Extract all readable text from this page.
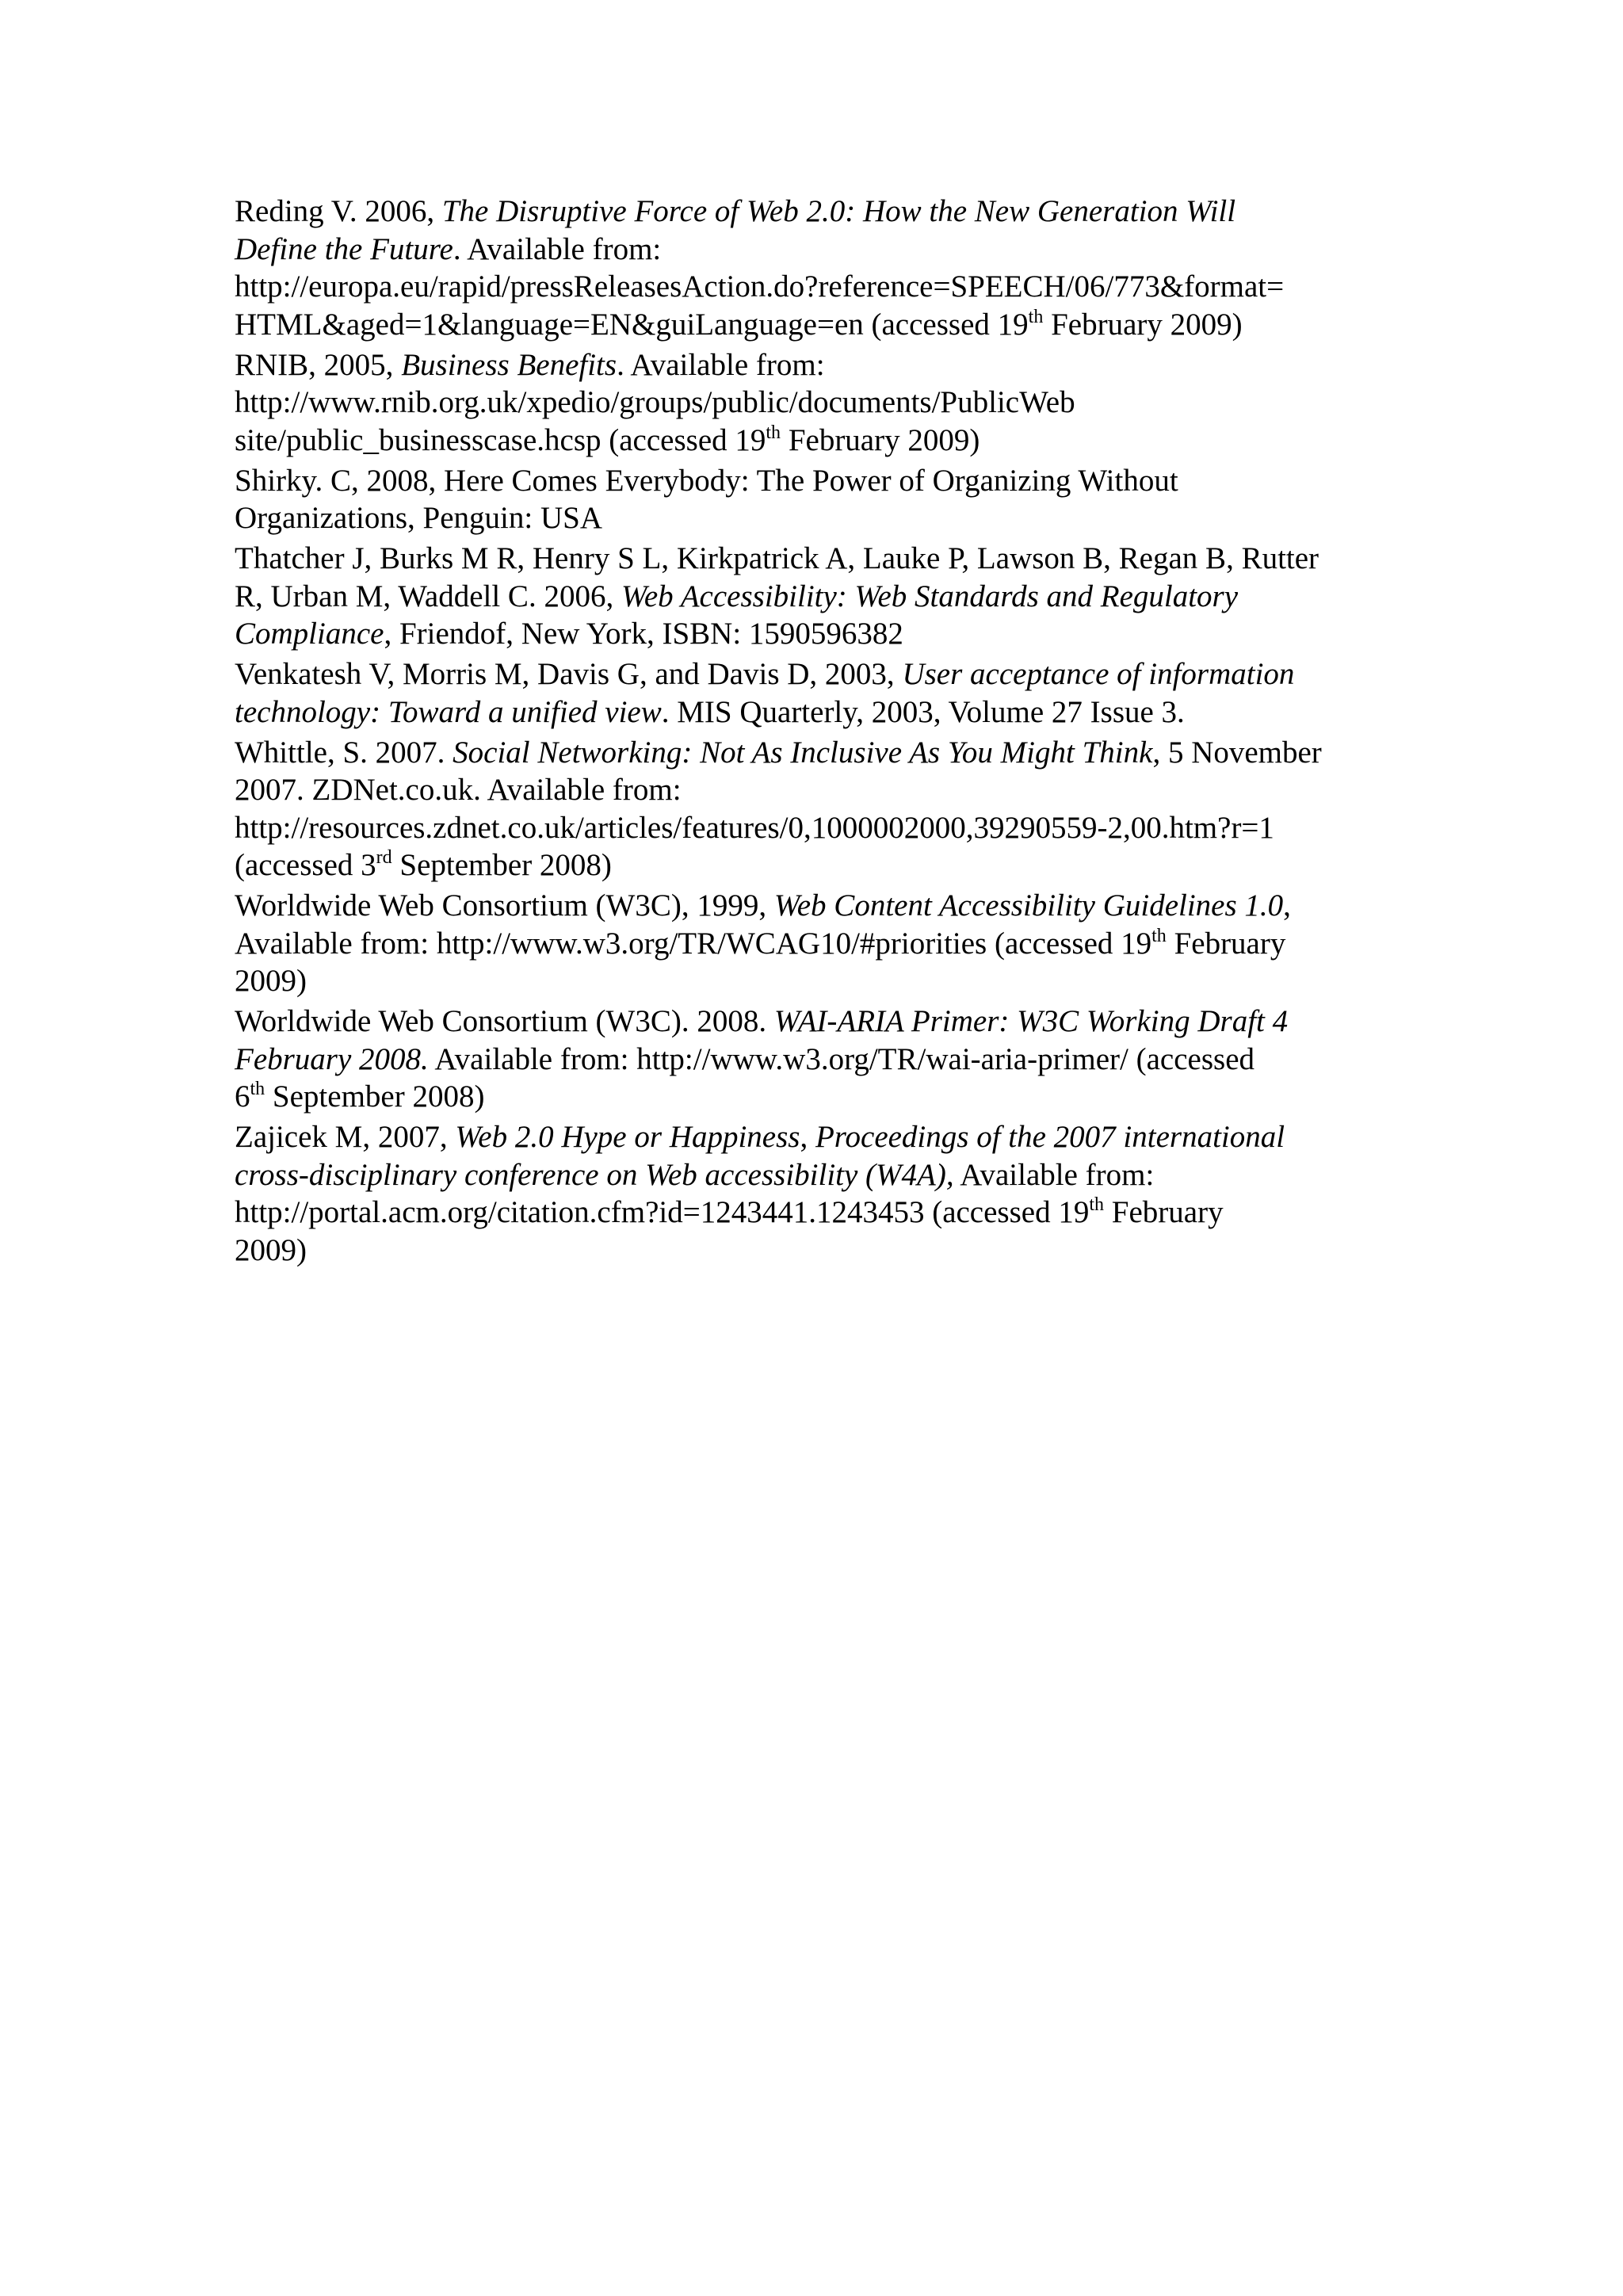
Reding V. 2006, The Disruptive Force of Web 2.0: How the New Generation Will
Define the Future. Available from:
http://europa.eu/rapid/pressReleasesAction.do?reference=SPEECH/06/773&format=
HTML&aged=1&language=EN&guiLanguage=en (accessed 19th February 2009)
RNIB, 2005, Business Benefits. Available from:
http://www.rnib.org.uk/xpedio/groups/public/documents/PublicWeb
site/public_businesscase.hcsp (accessed 19th February 2009)
Shirky. C, 2008, Here Comes Everybody: The Power of Organizing Without
Organizations, Penguin: USA
Thatcher J, Burks M R, Henry S L, Kirkpatrick A, Lauke P, Lawson B, Regan B, Rutter
R, Urban M, Waddell C. 2006, Web Accessibility: Web Standards and Regulatory
Compliance, Friendof, New York, ISBN: 1590596382
Venkatesh V, Morris M, Davis G, and Davis D, 2003, User acceptance of information
technology: Toward a unified view. MIS Quarterly, 2003, Volume 27 Issue 3.
Whittle, S. 2007. Social Networking: Not As Inclusive As You Might Think, 5 November
2007. ZDNet.co.uk. Available from:
http://resources.zdnet.co.uk/articles/features/0,1000002000,39290559-2,00.htm?r=1
(accessed 3rd September 2008)
Worldwide Web Consortium (W3C), 1999, Web Content Accessibility Guidelines 1.0,
Available from: http://www.w3.org/TR/WCAG10/#priorities (accessed 19th February
2009)
Worldwide Web Consortium (W3C). 2008. WAI-ARIA Primer: W3C Working Draft 4
February 2008. Available from: http://www.w3.org/TR/wai-aria-primer/ (accessed
6th September 2008)
Zajicek M, 2007, Web 2.0 Hype or Happiness, Proceedings of the 2007 international
cross-disciplinary conference on Web accessibility (W4A), Available from:
http://portal.acm.org/citation.cfm?id=1243441.1243453 (accessed 19th February
2009)
